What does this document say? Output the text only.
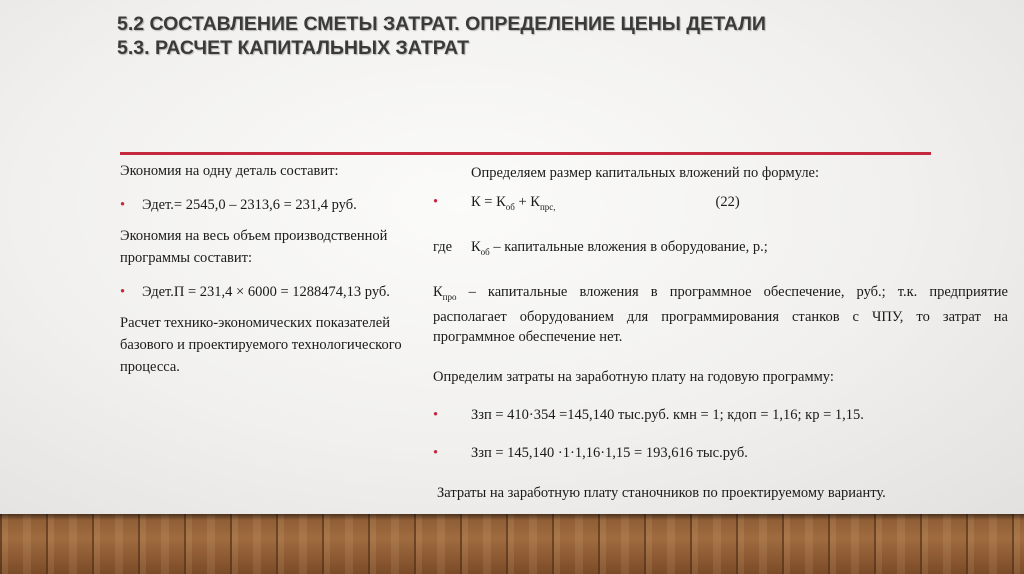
5.2 СОСТАВЛЕНИЕ СМЕТЫ ЗАТРАТ. ОПРЕДЕЛЕНИЕ ЦЕНЫ ДЕТАЛИ
5.3. РАСЧЕТ КАПИТАЛЬНЫХ ЗАТРАТ

Экономия на одну деталь составит:

• Эдет.= 2545,0 – 2313,6 = 231,4 руб.

Экономия на весь объем производственной программы составит:

• Эдет.П = 231,4 × 6000 = 1288474,13 руб.

Расчет технико-экономических показателей базового и проектируемого технологического процесса.

Определяем размер капитальных вложений по формуле:

• $К = К_{об} + К_{прс,}$	(22)

где $К_{об}$ – капитальные вложения в оборудование, р.;

$К_{про}$ – капитальные вложения в программное обеспечение, руб.; т.к. предприятие располагает оборудованием для программирования станков с ЧПУ, то затрат на программное обеспечение нет.

Определим затраты на заработную плату на годовую программу:

• Ззп = 410·354 =145,140 тыс.руб. кмн = 1; кдоп = 1,16; кр = 1,15.

• Ззп = 145,140 ·1·1,16·1,15 = 193,616 тыс.руб.

Затраты на заработную плату станочников по проектируемому варианту.
